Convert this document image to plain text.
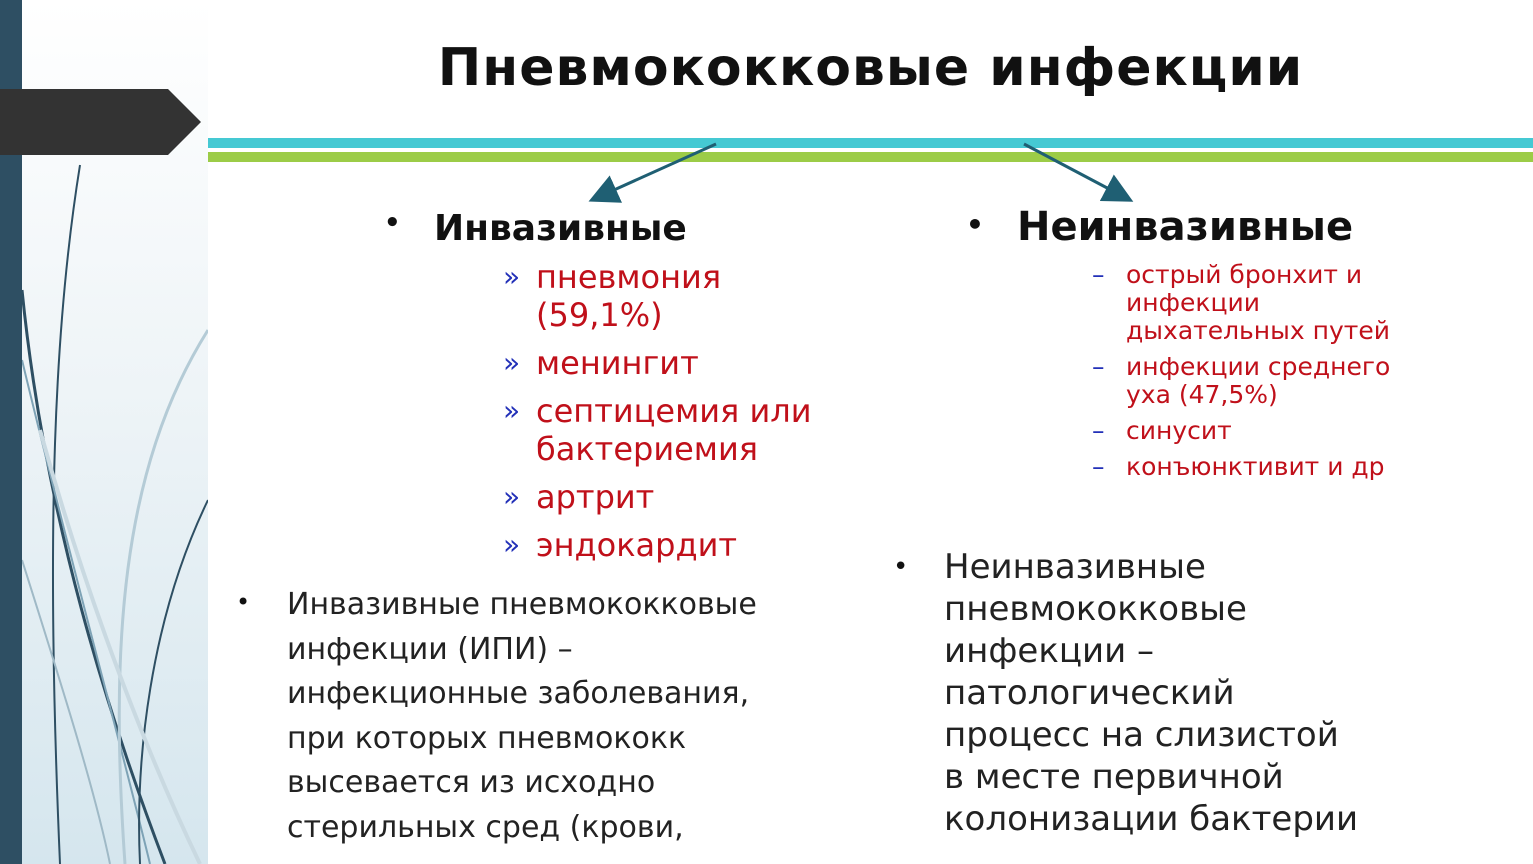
Пневмококковые инфекции
• Инвазивные
» пневмония
(59,1%)
» менингит
» септицемия или
бактериемия
» артрит
» эндокардит
• Инвазивные пневмококковые
инфекции (ИПИ) –
инфекционные заболевания,
при которых пневмококк
высевается из исходно
стерильных сред (крови,
• Неинвазивные
– острый бронхит и
инфекции
дыхательных путей
– инфекции среднего
уха (47,5%)
– синусит
– конъюнктивит и др
• Неинвазивные
пневмококковые
инфекции –
патологический
процесс на слизистой
в месте первичной
колонизации бактерии
